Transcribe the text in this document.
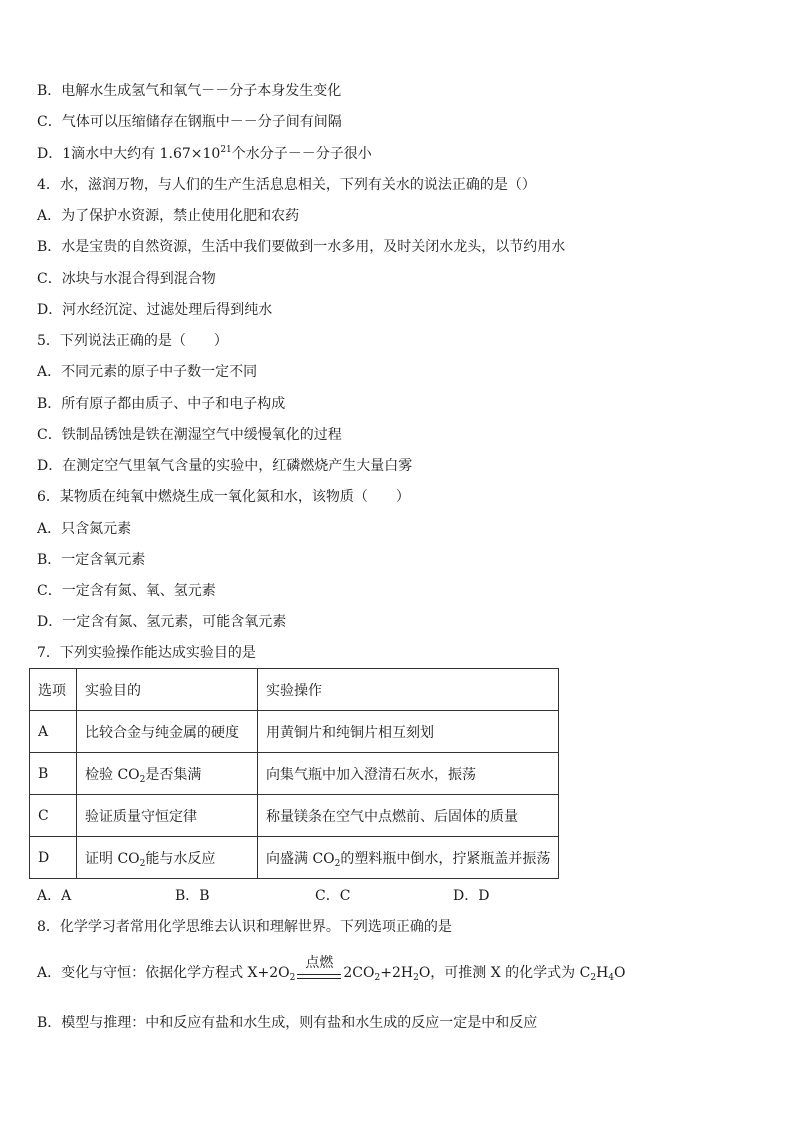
B．电解水生成氢气和氧气－－分子本身发生变化
C．气体可以压缩储存在钢瓶中－－分子间有间隔
D．1滴水中大约有 $1.67\times 10^{21}$个水分子－－分子很小
4．水，滋润万物，与人们的生产生活息息相关，下列有关水的说法正确的是（）
A．为了保护水资源，禁止使用化肥和农药
B．水是宝贵的自然资源，生活中我们要做到一水多用，及时关闭水龙头，以节约用水
C．冰块与水混合得到混合物
D．河水经沉淀、过滤处理后得到纯水
5．下列说法正确的是（　　）
A．不同元素的原子中子数一定不同
B．所有原子都由质子、中子和电子构成
C．铁制品锈蚀是铁在潮湿空气中缓慢氧化的过程
D．在测定空气里氧气含量的实验中，红磷燃烧产生大量白雾
6．某物质在纯氧中燃烧生成一氧化氮和水，该物质（　　）
A．只含氮元素
B．一定含氧元素
C．一定含有氮、氧、氢元素
D．一定含有氮、氢元素，可能含氧元素
7．下列实验操作能达成实验目的是
选项	实验目的	实验操作
A	比较合金与纯金属的硬度	用黄铜片和纯铜片相互刻划
B	检验 $CO_2$是否集满	向集气瓶中加入澄清石灰水，振荡
C	验证质量守恒定律	称量镁条在空气中点燃前、后固体的质量
D	证明 $CO_2$能与水反应	向盛满 $CO_2$的塑料瓶中倒水，拧紧瓶盖并振荡
A．A	B．B	C．C	D．D
8．化学学习者常用化学思维去认识和理解世界。下列选项正确的是
A．变化与守恒：依据化学方程式 $X+2O_2$
点燃
$2CO_2+2H_2O$，可推测 X 的化学式为 $C_2H_4O$
B．模型与推理：中和反应有盐和水生成，则有盐和水生成的反应一定是中和反应
